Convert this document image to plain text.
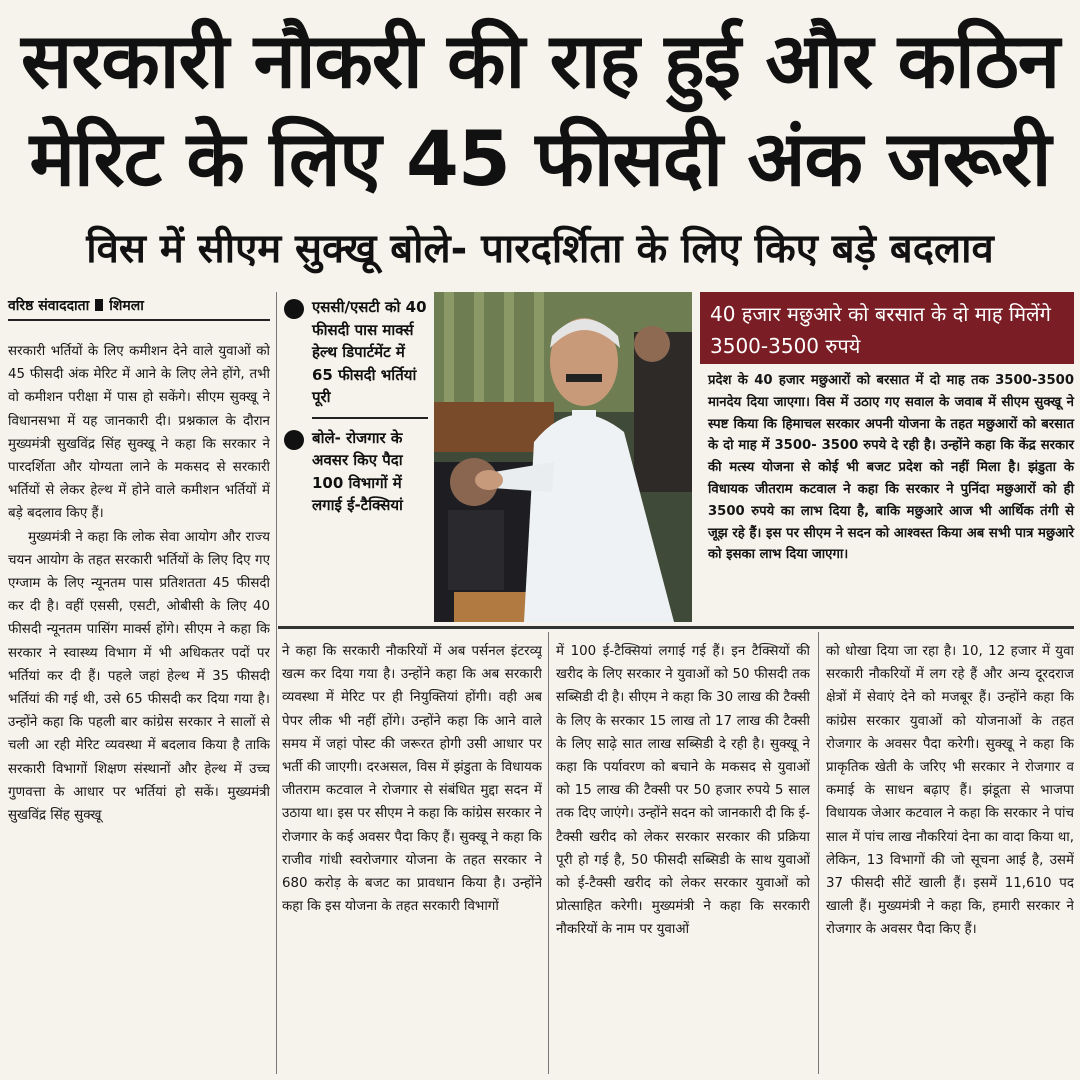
सरकारी नौकरी की राह हुई और कठिन
मेरिट के लिए 45 फीसदी अंक जरूरी
विस में सीएम सुक्खू बोले- पारदर्शिता के लिए किए बड़े बदलाव
वरिष्ठ संवाददाता शिमला

सरकारी भर्तियों के लिए कमीशन देने वाले युवाओं को 45 फीसदी अंक मेरिट में आने के लिए लेने होंगे, तभी वो कमीशन परीक्षा में पास हो सकेंगे। सीएम सुक्खू ने विधानसभा में यह जानकारी दी। प्रश्नकाल के दौरान मुख्यमंत्री सुखविंद्र सिंह सुक्खू ने कहा कि सरकार ने पारदर्शिता और योग्यता लाने के मकसद से सरकारी भर्तियों से लेकर हेल्थ में होने वाले कमीशन भर्तियों में बड़े बदलाव किए हैं।

मुख्यमंत्री ने कहा कि लोक सेवा आयोग और राज्य चयन आयोग के तहत सरकारी भर्तियों के लिए दिए गए एग्जाम के लिए न्यूनतम पास प्रतिशतता 45 फीसदी कर दी है। वहीं एससी, एसटी, ओबीसी के लिए 40 फीसदी न्यूनतम पासिंग मार्क्स होंगे। सीएम ने कहा कि सरकार ने स्वास्थ्य विभाग में भी अधिकतर पदों पर भर्तियां कर दी हैं। पहले जहां हेल्थ में 35 फीसदी भर्तियां की गई थी, उसे 65 फीसदी कर दिया गया है। उन्होंने कहा कि पहली बार कांग्रेस सरकार ने सालों से चली आ रही मेरिट व्यवस्था में बदलाव किया है ताकि सरकारी विभागों शिक्षण संस्थानों और हेल्थ में उच्च गुणवत्ता के आधार पर भर्तियां हो सकें। मुख्यमंत्री सुखविंद्र सिंह सुक्खू

एससी/एसटी को 40 फीसदी पास मार्क्स हेल्थ डिपार्टमेंट में 65 फीसदी भर्तियां पूरी
बोले- रोजगार के अवसर किए पैदा 100 विभागों में लगाई ई-टैक्सियां
40 हजार मछुआरे को बरसात के दो माह मिलेंगे 3500-3500 रुपये
प्रदेश के 40 हजार मछुआरों को बरसात में दो माह तक 3500-3500 मानदेय दिया जाएगा। विस में उठाए गए सवाल के जवाब में सीएम सुक्खू ने स्पष्ट किया कि हिमाचल सरकार अपनी योजना के तहत मछुआरों को बरसात के दो माह में 3500- 3500 रुपये दे रही है। उन्होंने कहा कि केंद्र सरकार की मत्स्य योजना से कोई भी बजट प्रदेश को नहीं मिला है। झंडुता के विधायक जीतराम कटवाल ने कहा कि सरकार ने पुनिंदा मछुआरों को ही 3500 रुपये का लाभ दिया है, बाकि मछुआरे आज भी आर्थिक तंगी से जूझ रहे हैं। इस पर सीएम ने सदन को आश्वस्त किया अब सभी पात्र मछुआरे को इसका लाभ दिया जाएगा।

ने कहा कि सरकारी नौकरियों में अब पर्सनल इंटरव्यू खत्म कर दिया गया है। उन्होंने कहा कि अब सरकारी व्यवस्था में मेरिट पर ही नियुक्तियां होंगी। वही अब पेपर लीक भी नहीं होंगे। उन्होंने कहा कि आने वाले समय में जहां पोस्ट की जरूरत होगी उसी आधार पर भर्ती की जाएगी। दरअसल, विस में झंडुता के विधायक जीतराम कटवाल ने रोजगार से संबंधित मुद्दा सदन में उठाया था। इस पर सीएम ने कहा कि कांग्रेस सरकार ने रोजगार के कई अवसर पैदा किए हैं। सुक्खू ने कहा कि राजीव गांधी स्वरोजगार योजना के तहत सरकार ने 680 करोड़ के बजट का प्रावधान किया है। उन्होंने कहा कि इस योजना के तहत सरकारी विभागों

में 100 ई-टैक्सियां लगाई गई हैं। इन टैक्सियों की खरीद के लिए सरकार ने युवाओं को 50 फीसदी तक सब्सिडी दी है। सीएम ने कहा कि 30 लाख की टैक्सी के लिए के सरकार 15 लाख तो 17 लाख की टैक्सी के लिए साढ़े सात लाख सब्सिडी दे रही है। सुक्खू ने कहा कि पर्यावरण को बचाने के मकसद से युवाओं को 15 लाख की टैक्सी पर 50 हजार रुपये 5 साल तक दिए जाएंगे। उन्होंने सदन को जानकारी दी कि ई-टैक्सी खरीद को लेकर सरकार सरकार की प्रक्रिया पूरी हो गई है, 50 फीसदी सब्सिडी के साथ युवाओं को ई-टैक्सी खरीद को लेकर सरकार युवाओं को प्रोत्साहित करेगी। मुख्यमंत्री ने कहा कि सरकारी नौकरियों के नाम पर युवाओं

को धोखा दिया जा रहा है। 10, 12 हजार में युवा सरकारी नौकरियों में लग रहे हैं और अन्य दूरदराज क्षेत्रों में सेवाएं देने को मजबूर हैं। उन्होंने कहा कि कांग्रेस सरकार युवाओं को योजनाओं के तहत रोजगार के अवसर पैदा करेगी। सुक्खू ने कहा कि प्राकृतिक खेती के जरिए भी सरकार ने रोजगार व कमाई के साधन बढ़ाए हैं। झंडूता से भाजपा विधायक जेआर कटवाल ने कहा कि सरकार ने पांच साल में पांच लाख नौकरियां देना का वादा किया था, लेकिन, 13 विभागों की जो सूचना आई है, उसमें 37 फीसदी सीटें खाली हैं। इसमें 11,610 पद खाली हैं। मुख्यमंत्री ने कहा कि, हमारी सरकार ने रोजगार के अवसर पैदा किए हैं।
